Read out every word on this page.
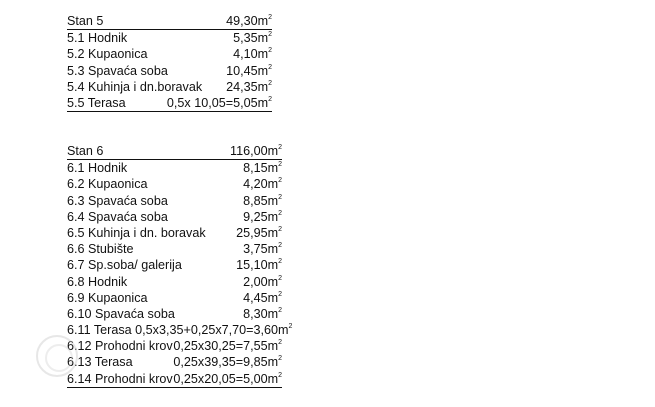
Stan 5	$49,30m^2$
5.1 Hodnik	$5,35m^2$
5.2 Kupaonica	$4,10m^2$
5.3 Spavaća soba	$10,45m^2$
5.4 Kuhinja i dn.boravak $24,35m^2$
5.5 Terasa	0,5x $10,05=5,05m^2$
Stan 6	$116,00m^2$
6.1 Hodnik	$8,15m^2$
6.2 Kupaonica	$4,20m^2$
6.3 Spavaća soba	$8,85m^2$
6.4 Spavaća soba	$9,25m^2$
6.5 Kuhinja i dn. boravak $25,95m^2$
6.6 Stubište	$3,75m^2$
6.7 Sp.soba/ galerija	$15,10m^2$
6.8 Hodnik	$2,00m^2$
6.9 Kupaonica	$4,45m^2$
6.10 Spavaća soba	$8,30m^2$
6.11 Terasa $0,5x3,35+0,25x7,70=3,60m^2$
6.12 Prohodni krov $0,25x30,25=7,55m^2$
6.13 Terasa	$0,25x39,35=9,85m^2$
6.14 Prohodni krov $0,25x20,05=5,00m^2$
